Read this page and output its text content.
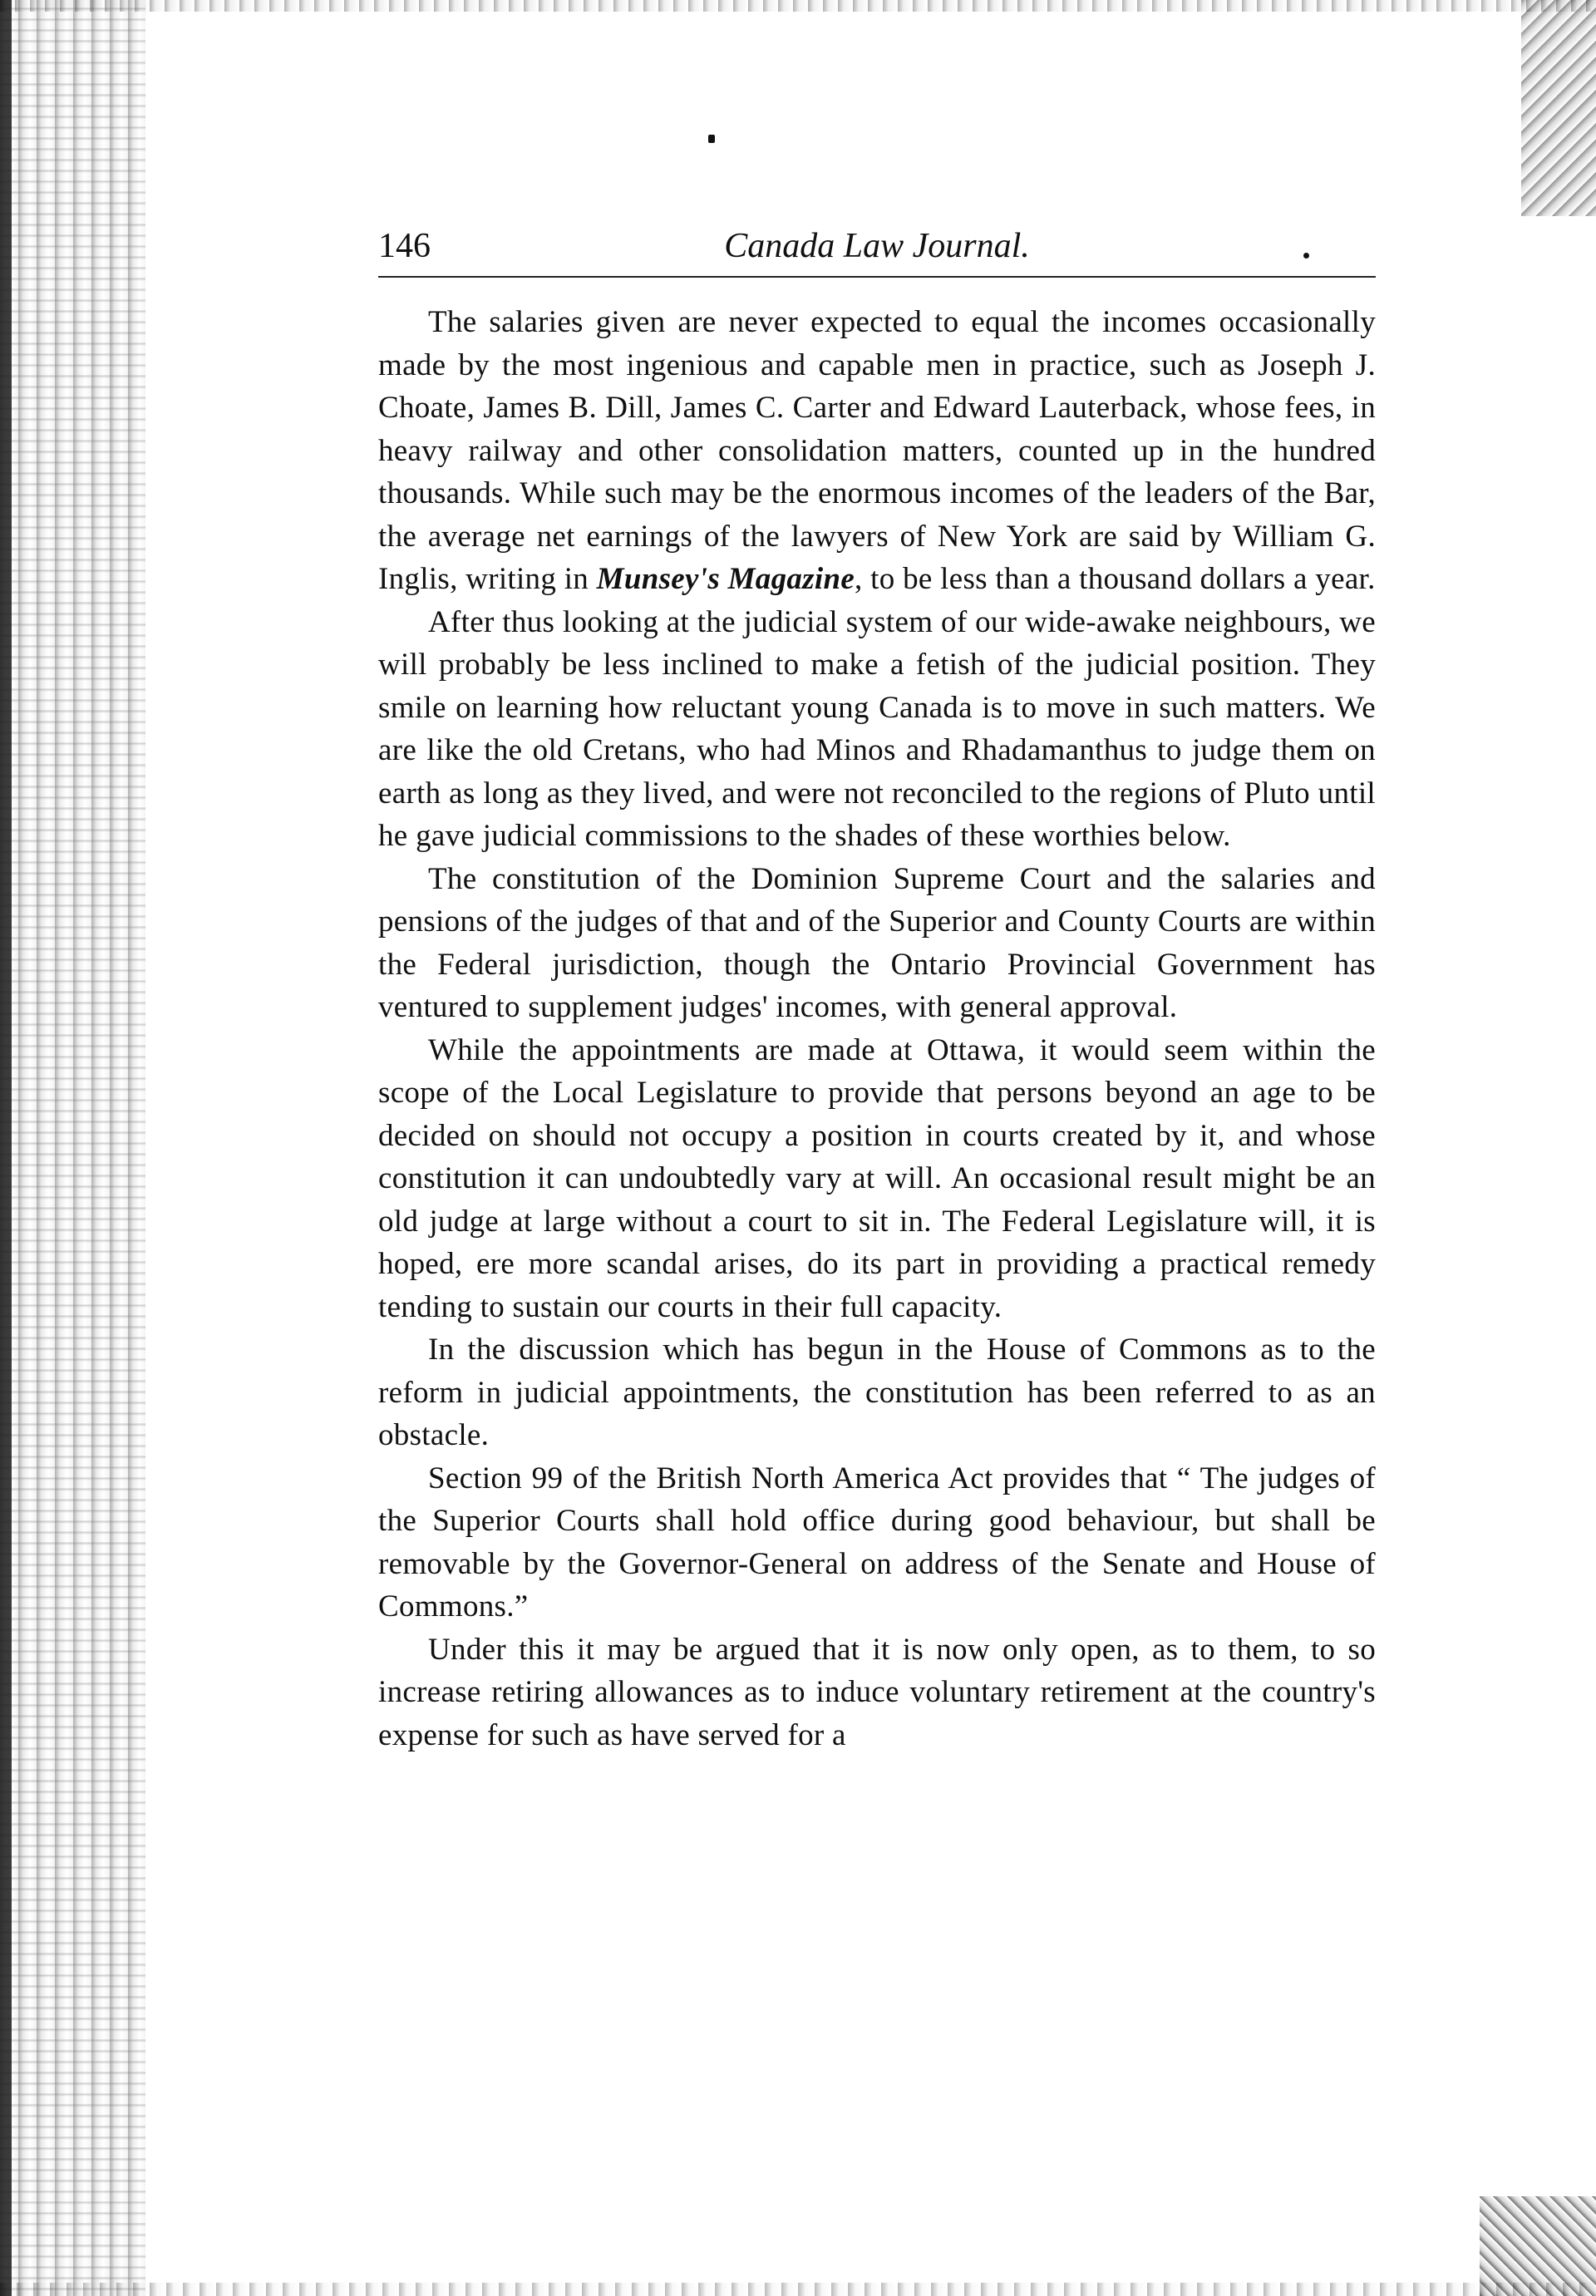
146	Canada Law Journal.

The salaries given are never expected to equal the incomes occasionally made by the most ingenious and capable men in practice, such as Joseph J. Choate, James B. Dill, James C. Carter and Edward Lauterback, whose fees, in heavy railway and other consolidation matters, counted up in the hundred thousands. While such may be the enormous incomes of the leaders of the Bar, the average net earnings of the lawyers of New York are said by William G. Inglis, writing in Munsey's Magazine, to be less than a thousand dollars a year.

After thus looking at the judicial system of our wide-awake neighbours, we will probably be less inclined to make a fetish of the judicial position. They smile on learning how reluctant young Canada is to move in such matters. We are like the old Cretans, who had Minos and Rhadamanthus to judge them on earth as long as they lived, and were not reconciled to the regions of Pluto until he gave judicial commissions to the shades of these worthies below.

The constitution of the Dominion Supreme Court and the salaries and pensions of the judges of that and of the Superior and County Courts are within the Federal jurisdiction, though the Ontario Provincial Government has ventured to supplement judges' incomes, with general approval.

While the appointments are made at Ottawa, it would seem within the scope of the Local Legislature to provide that persons beyond an age to be decided on should not occupy a position in courts created by it, and whose constitution it can undoubtedly vary at will. An occasional result might be an old judge at large without a court to sit in. The Federal Legislature will, it is hoped, ere more scandal arises, do its part in providing a practical remedy tending to sustain our courts in their full capacity.

In the discussion which has begun in the House of Commons as to the reform in judicial appointments, the constitution has been referred to as an obstacle.

Section 99 of the British North America Act provides that “ The judges of the Superior Courts shall hold office during good behaviour, but shall be removable by the Governor-General on address of the Senate and House of Commons.”

Under this it may be argued that it is now only open, as to them, to so increase retiring allowances as to induce voluntary retirement at the country's expense for such as have served for a
